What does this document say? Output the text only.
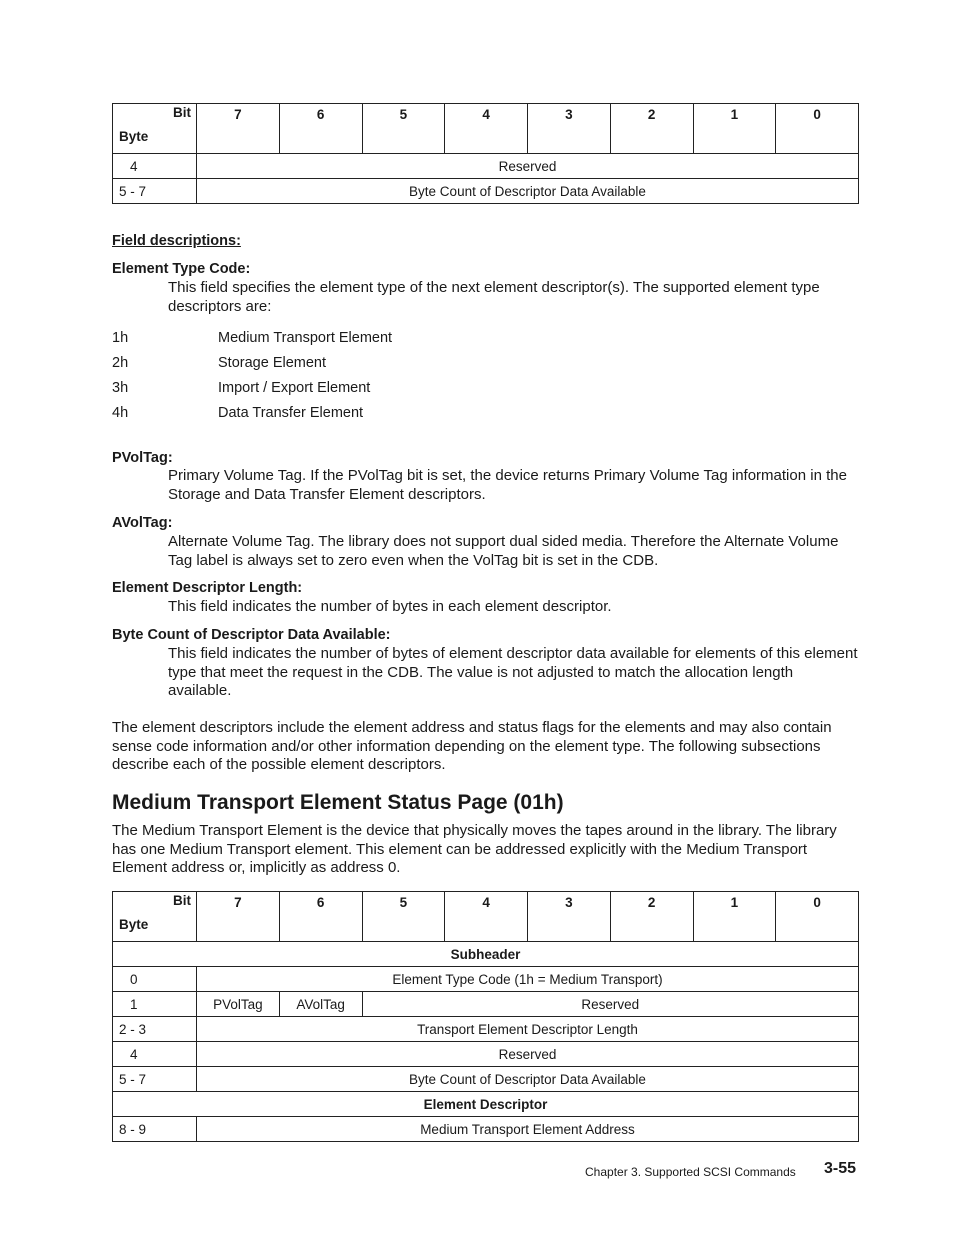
Bit
Byte	7	6	5	4	3	2	1	0
4	Reserved							
5 - 7	Byte Count of Descriptor Data Available							
Field descriptions:
Element Type Code:

This field specifies the element type of the next element descriptor(s). The supported element type descriptors are:

1h	Medium Transport Element
2h	Storage Element
3h	Import / Export Element
4h	Data Transfer Element
PVolTag:

Primary Volume Tag. If the PVolTag bit is set, the device returns Primary Volume Tag information in the Storage and Data Transfer Element descriptors.

AVolTag:

Alternate Volume Tag. The library does not support dual sided media. Therefore the Alternate Volume Tag label is always set to zero even when the VolTag bit is set in the CDB.

Element Descriptor Length:

This field indicates the number of bytes in each element descriptor.

Byte Count of Descriptor Data Available:

This field indicates the number of bytes of element descriptor data available for elements of this element type that meet the request in the CDB. The value is not adjusted to match the allocation length available.

The element descriptors include the element address and status flags for the elements and may also contain sense code information and/or other information depending on the element type. The following subsections describe each of the possible element descriptors.

Medium Transport Element Status Page (01h)

The Medium Transport Element is the device that physically moves the tapes around in the library. The library has one Medium Transport element. This element can be addressed explicitly with the Medium Transport Element address or, implicitly as address 0.

Bit
Byte	7	6	5	4	3	2	1	0
Subheader								
0	Element Type Code (1h = Medium Transport)							
1	PVolTag	AVolTag	Reserved					
2 - 3	Transport Element Descriptor Length							
4	Reserved							
5 - 7	Byte Count of Descriptor Data Available							
Element Descriptor								
8 - 9	Medium Transport Element Address							
Chapter 3. Supported SCSI Commands 3-55
